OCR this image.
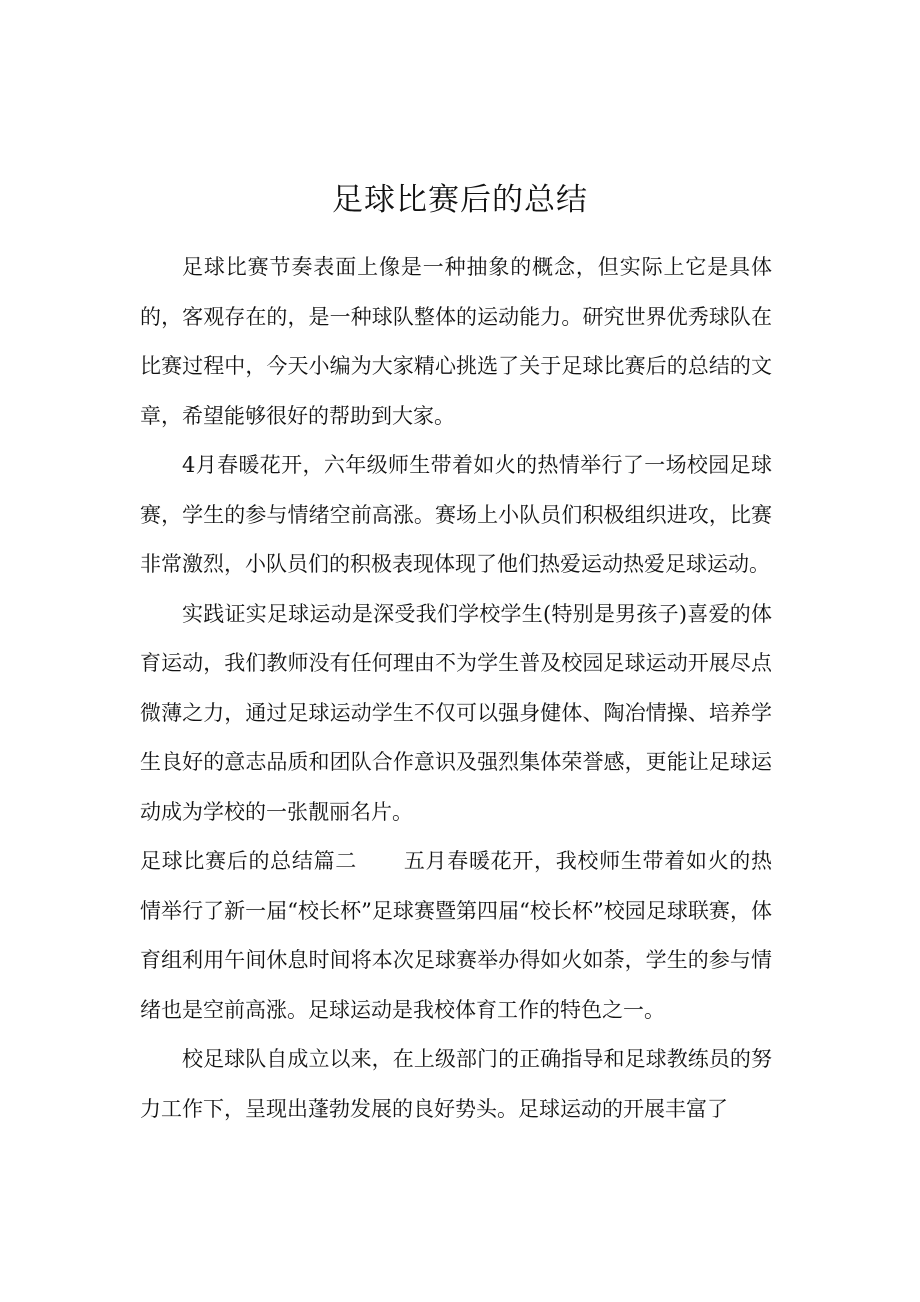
足球比赛后的总结

足球比赛节奏表面上像是一种抽象的概念，但实际上它是具体的，客观存在的，是一种球队整体的运动能力。研究世界优秀球队在比赛过程中，今天小编为大家精心挑选了关于足球比赛后的总结的文章，希望能够很好的帮助到大家。

4月春暖花开，六年级师生带着如火的热情举行了一场校园足球赛，学生的参与情绪空前高涨。赛场上小队员们积极组织进攻，比赛非常激烈，小队员们的积极表现体现了他们热爱运动热爱足球运动。

实践证实足球运动是深受我们学校学生(特别是男孩子)喜爱的体育运动，我们教师没有任何理由不为学生普及校园足球运动开展尽点微薄之力，通过足球运动学生不仅可以强身健体、陶冶情操、培养学生良好的意志品质和团队合作意识及强烈集体荣誉感，更能让足球运动成为学校的一张靓丽名片。

足球比赛后的总结篇二 五月春暖花开，我校师生带着如火的热情举行了新一届“校长杯”足球赛暨第四届“校长杯”校园足球联赛，体育组利用午间休息时间将本次足球赛举办得如火如荼，学生的参与情绪也是空前高涨。足球运动是我校体育工作的特色之一。

校足球队自成立以来，在上级部门的正确指导和足球教练员的努力工作下，呈现出蓬勃发展的良好势头。足球运动的开展丰富了
